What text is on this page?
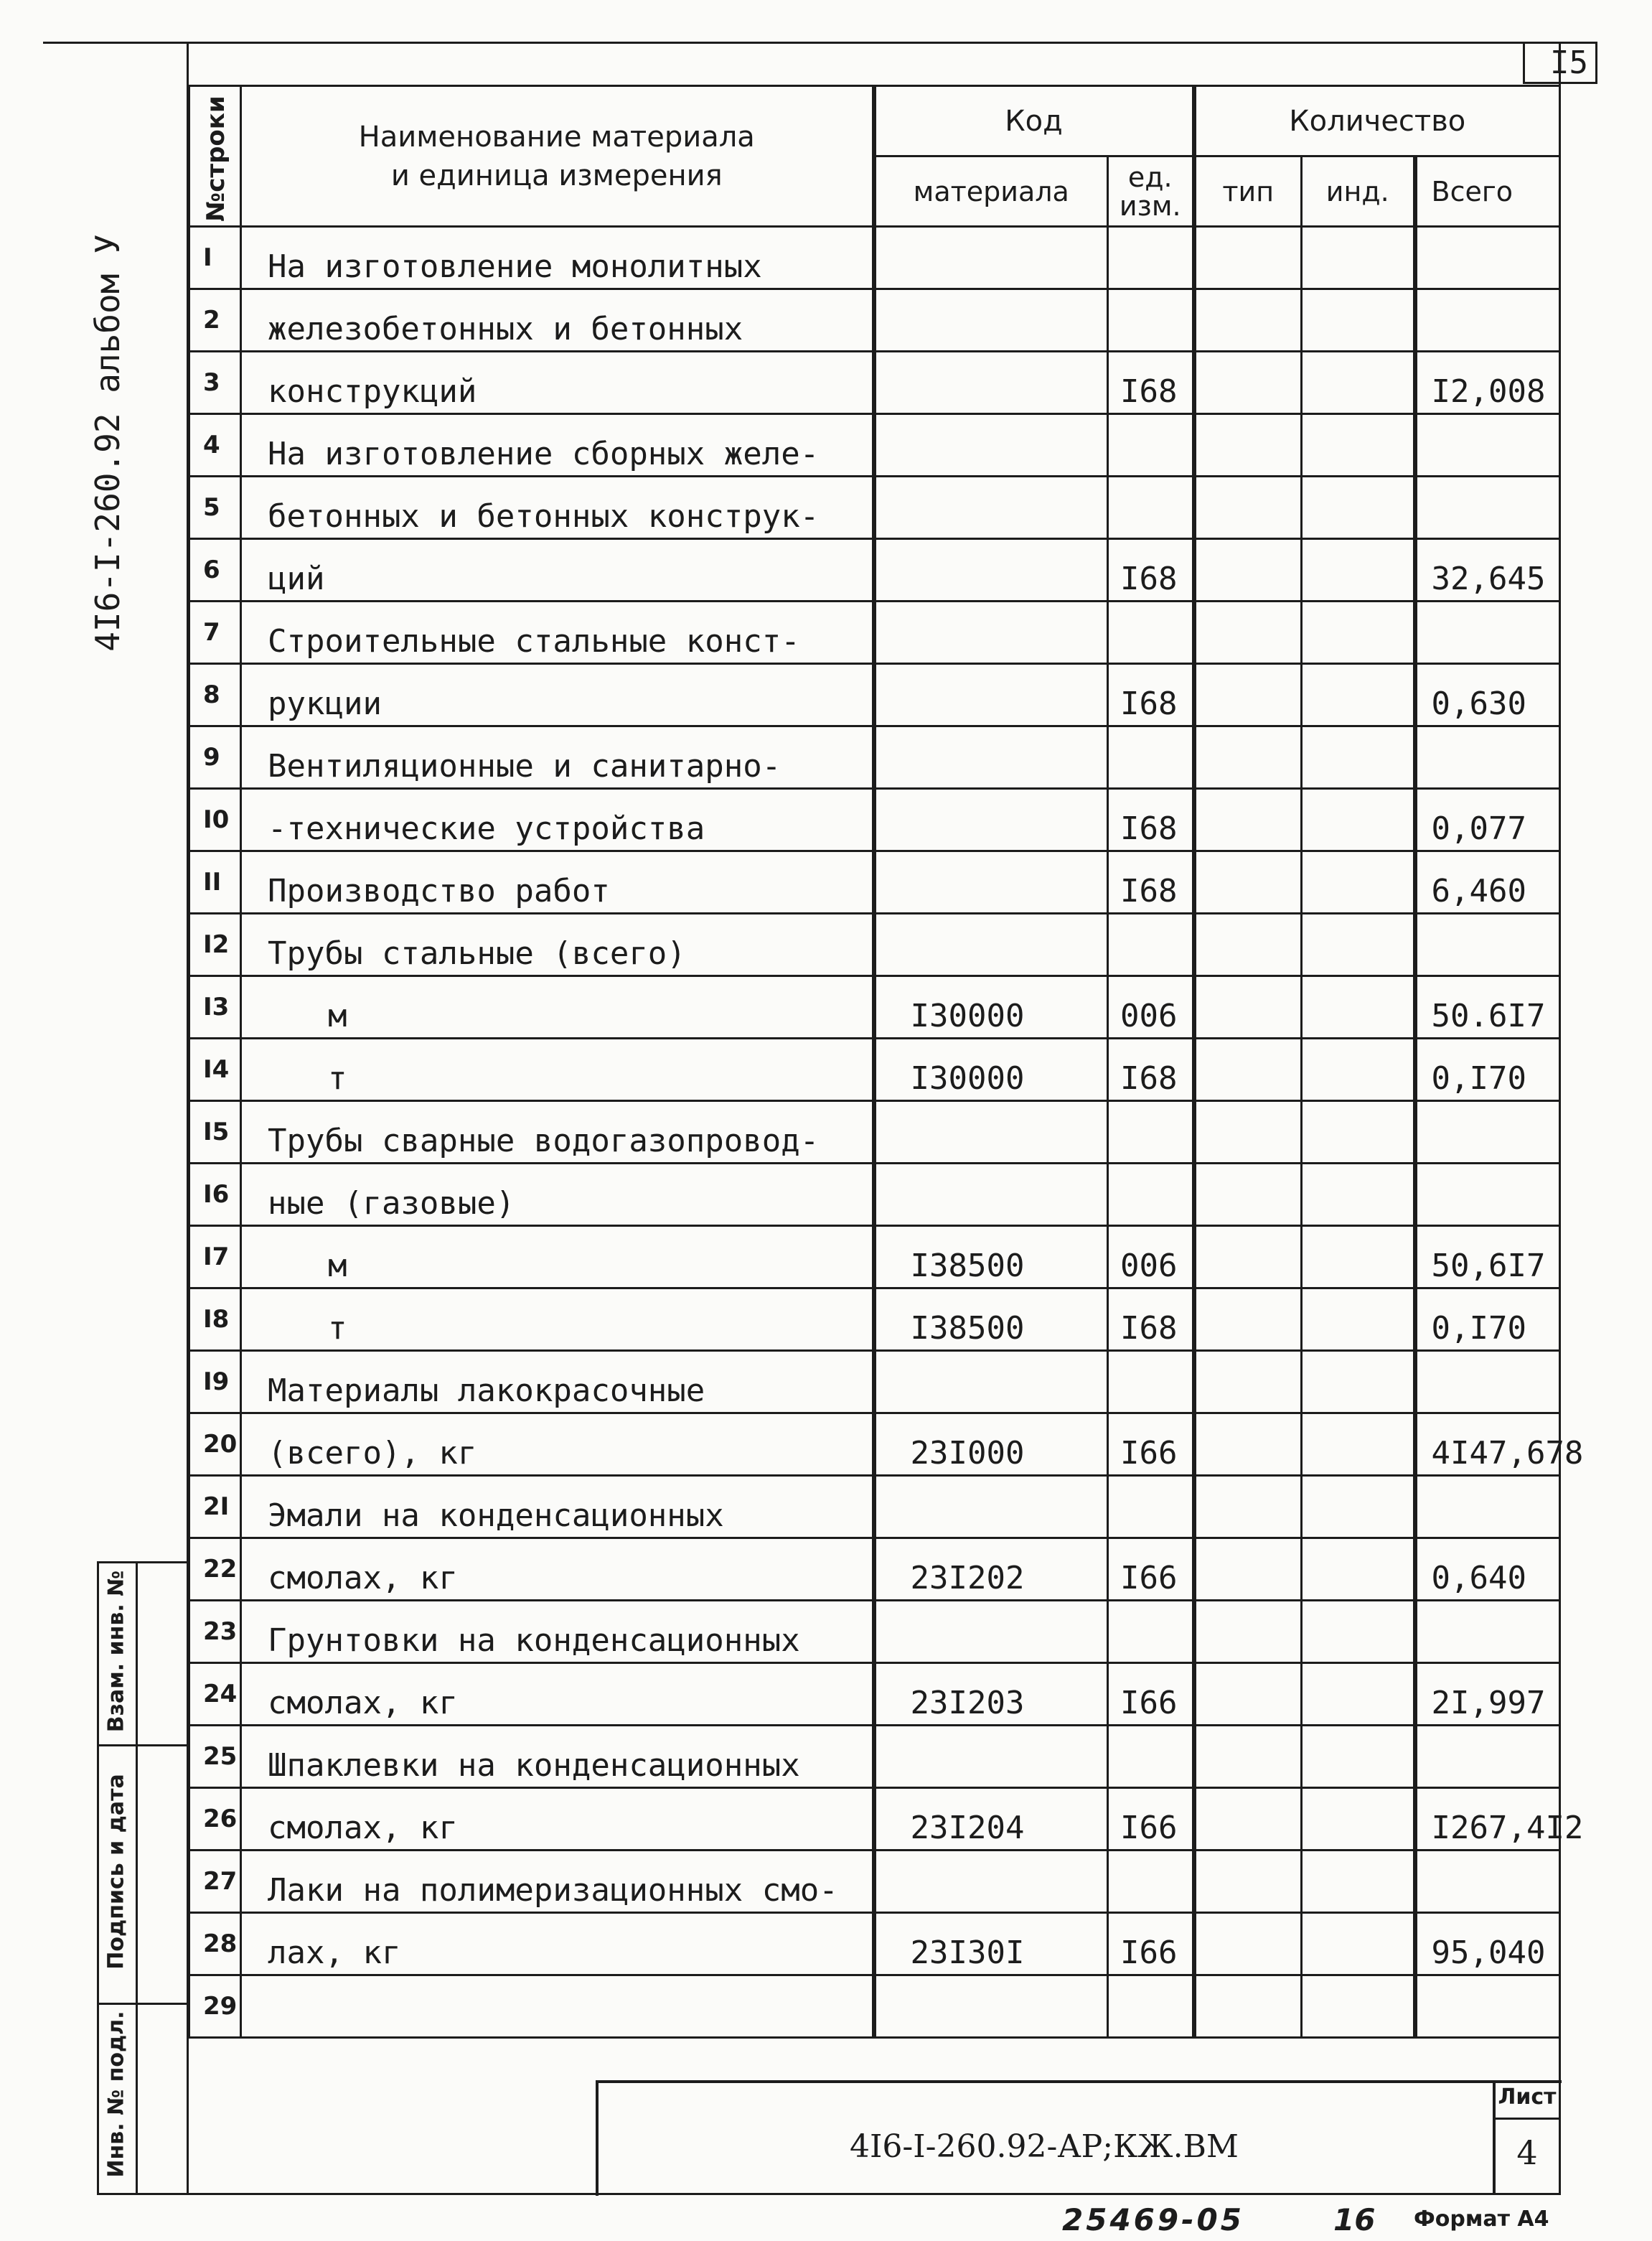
I5
4I6-I-260.92 альбом У
№строки	Наименование материала
и единица измерения	Код		Количество		
		материала	ед.
изм.	тип	инд.	Всего
I	На изготовление монолитных					
2	железобетонных и бетонных					
3	конструкций		I68			I2,008
4	На изготовление сборных желе-					
5	бетонных и бетонных конструк-					
6	ций		I68			32,645
7	Строительные стальные конст-					
8	рукции		I68			0,630
9	Вентиляционные и санитарно-					
I0	-технические устройства		I68			0,077
II	Производство работ		I68			6,460
I2	Трубы стальные (всего)					
I3	м	I30000	006			50.6I7
I4	т	I30000	I68			0,I70
I5	Трубы сварные водогазопровод-					
I6	ные (газовые)					
I7	м	I38500	006			50,6I7
I8	т	I38500	I68			0,I70
I9	Материалы лакокрасочные					
20	(всего), кг	23I000	I66			4I47,678
2I	Эмали на конденсационных					
22	смолах, кг	23I202	I66			0,640
23	Грунтовки на конденсационных					
24	смолах, кг	23I203	I66			2I,997
25	Шпаклевки на конденсационных					
26	смолах, кг	23I204	I66			I267,4I2
27	Лаки на полимеризационных смо-					
28	лах, кг	23I30I	I66			95,040
29						
Взам. инв. №
Подпись и дата
Инв. № подл.	4I6-I-260.92-АР;КЖ.ВМ
Лист
4
25469-05	16 Формат А4
